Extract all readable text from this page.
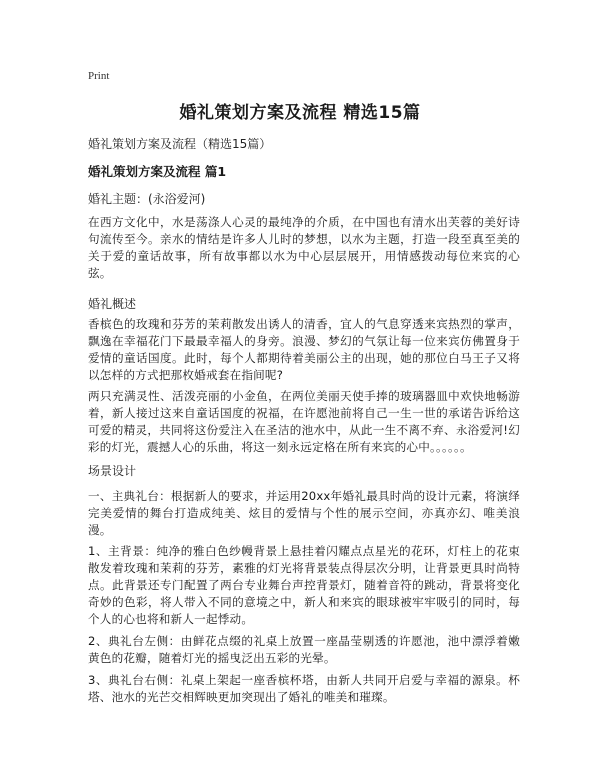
Print
婚礼策划方案及流程 精选15篇
婚礼策划方案及流程（精选15篇）
婚礼策划方案及流程 篇1
婚礼主题：(永浴爱河)
在西方文化中，水是荡涤人心灵的最纯净的介质，在中国也有清水出芙蓉的美好诗句流传至今。亲水的情结是许多人儿时的梦想，以水为主题，打造一段至真至美的关于爱的童话故事，所有故事都以水为中心层层展开，用情感拨动每位来宾的心弦。
婚礼概述
香槟色的玫瑰和芬芳的茉莉散发出诱人的清香，宜人的气息穿透来宾热烈的掌声，飘逸在幸福花门下最最幸福人的身旁。浪漫、梦幻的气氛让每一位来宾仿佛置身于爱情的童话国度。此时，每个人都期待着美丽公主的出现，她的那位白马王子又将以怎样的方式把那枚婚戒套在指间呢?
两只充满灵性、活泼亮丽的小金鱼，在两位美丽天使手捧的玻璃器皿中欢快地畅游着，新人接过这来自童话国度的祝福，在许愿池前将自己一生一世的承诺告诉给这可爱的精灵，共同将这份爱注入在圣洁的池水中，从此一生不离不弃、永浴爱河!幻彩的灯光，震撼人心的乐曲，将这一刻永远定格在所有来宾的心中。。。。。。
场景设计
一、主典礼台：根据新人的要求，并运用20xx年婚礼最具时尚的设计元素，将演绎完美爱情的舞台打造成纯美、炫目的爱情与个性的展示空间，亦真亦幻、唯美浪漫。
1、主背景：纯净的雅白色纱幔背景上悬挂着闪耀点点星光的花环，灯柱上的花束散发着玫瑰和茉莉的芬芳，素雅的灯光将背景装点得层次分明，让背景更具时尚特点。此背景还专门配置了两台专业舞台声控背景灯，随着音符的跳动，背景将变化奇妙的色彩，将人带入不同的意境之中，新人和来宾的眼球被牢牢吸引的同时，每个人的心也将和新人一起悸动。
2、典礼台左侧：由鲜花点缀的礼桌上放置一座晶莹剔透的许愿池，池中漂浮着嫩黄色的花瓣，随着灯光的摇曳泛出五彩的光晕。
3、典礼台右侧：礼桌上架起一座香槟杯塔，由新人共同开启爱与幸福的源泉。杯塔、池水的光芒交相辉映更加突现出了婚礼的唯美和璀璨。
